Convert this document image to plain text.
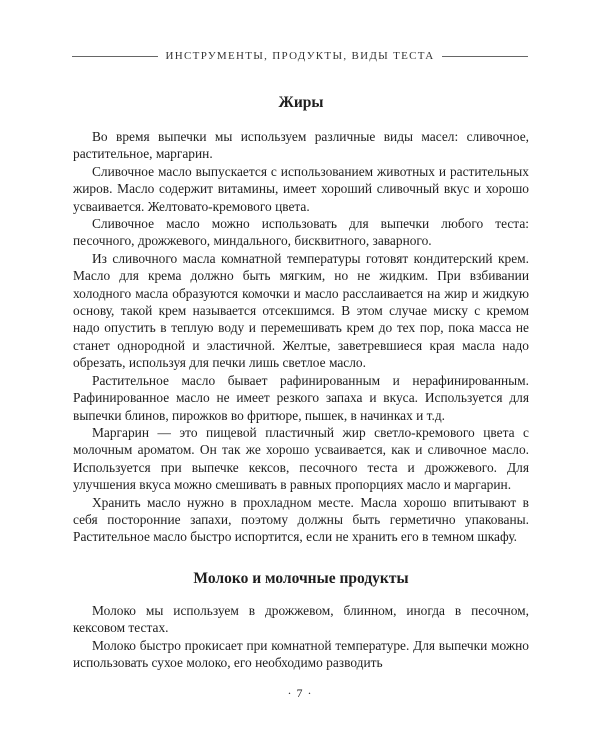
ИНСТРУМЕНТЫ, ПРОДУКТЫ, ВИДЫ ТЕСТА
Жиры

Во время выпечки мы используем различные виды масел: сливочное, растительное, маргарин.

Сливочное масло выпускается с использованием животных и растительных жиров. Масло содержит витамины, имеет хороший сливочный вкус и хорошо усваивается. Желтовато-кремового цвета.

Сливочное масло можно использовать для выпечки любого теста: песочного, дрожжевого, миндального, бисквитного, заварного.

Из сливочного масла комнатной температуры готовят кондитерский крем. Масло для крема должно быть мягким, но не жидким. При взбивании холодного масла образуются комочки и масло расслаивается на жир и жидкую основу, такой крем называется отсекшимся. В этом случае миску с кремом надо опустить в теплую воду и перемешивать крем до тех пор, пока масса не станет однородной и эластичной. Желтые, заветревшиеся края масла надо обрезать, используя для печки лишь светлое масло.

Растительное масло бывает рафинированным и нерафинированным. Рафинированное масло не имеет резкого запаха и вкуса. Используется для выпечки блинов, пирожков во фритюре, пышек, в начинках и т.д.

Маргарин — это пищевой пластичный жир светло-кремового цвета с молочным ароматом. Он так же хорошо усваивается, как и сливочное масло. Используется при выпечке кексов, песочного теста и дрожжевого. Для улучшения вкуса можно смешивать в равных пропорциях масло и маргарин.

Хранить масло нужно в прохладном месте. Масла хорошо впитывают в себя посторонние запахи, поэтому должны быть герметично упакованы. Растительное масло быстро испортится, если не хранить его в темном шкафу.

Молоко и молочные продукты

Молоко мы используем в дрожжевом, блинном, иногда в песочном, кексовом тестах.

Молоко быстро прокисает при комнатной температуре. Для выпечки можно использовать сухое молоко, его необходимо разводить

· 7 ·
